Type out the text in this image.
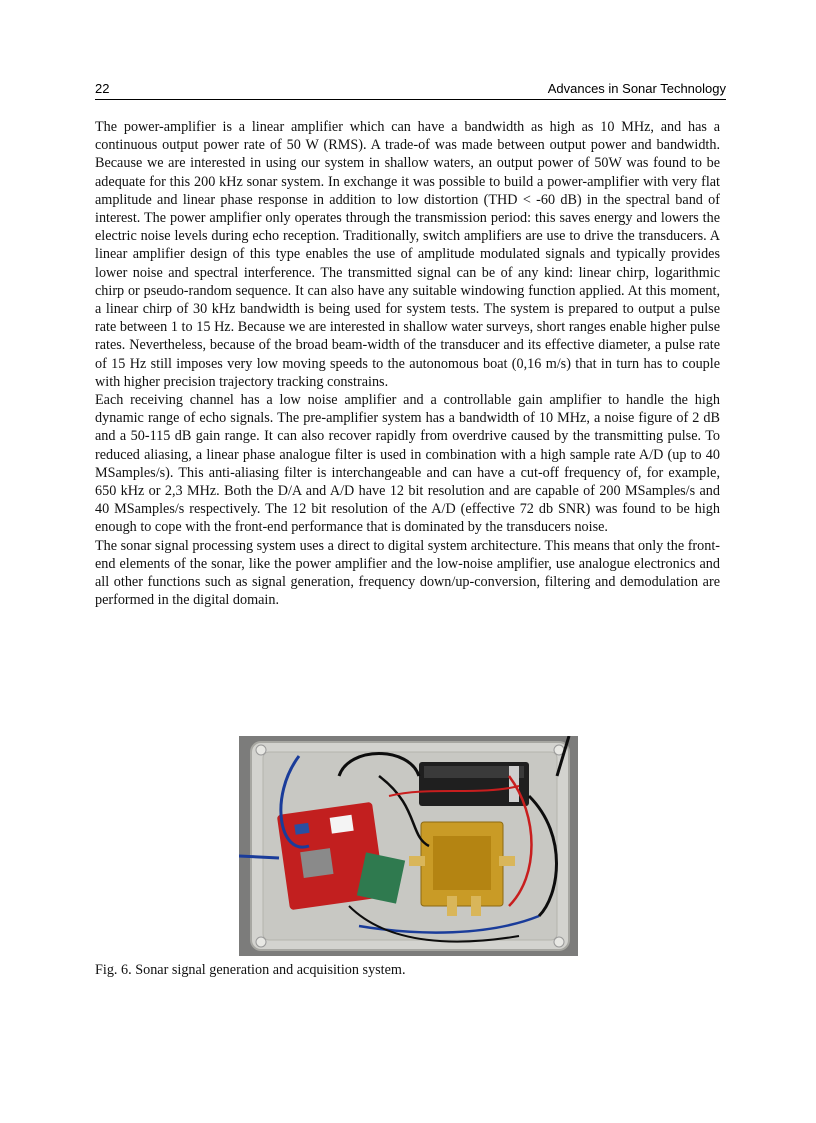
22	Advances in Sonar Technology

The power-amplifier is a linear amplifier which can have a bandwidth as high as 10 MHz, and has a continuous output power rate of 50 W (RMS). A trade-of was made between output power and bandwidth. Because we are interested in using our system in shallow waters, an output power of 50W was found to be adequate for this 200 kHz sonar system. In exchange it was possible to build a power-amplifier with very flat amplitude and linear phase response in addition to low distortion (THD < -60 dB) in the spectral band of interest. The power amplifier only operates through the transmission period: this saves energy and lowers the electric noise levels during echo reception. Traditionally, switch amplifiers are use to drive the transducers. A linear amplifier design of this type enables the use of amplitude modulated signals and typically provides lower noise and spectral interference. The transmitted signal can be of any kind: linear chirp, logarithmic chirp or pseudo-random sequence. It can also have any suitable windowing function applied. At this moment, a linear chirp of 30 kHz bandwidth is being used for system tests. The system is prepared to output a pulse rate between 1 to 15 Hz. Because we are interested in shallow water surveys, short ranges enable higher pulse rates. Nevertheless, because of the broad beam-width of the transducer and its effective diameter, a pulse rate of 15 Hz still imposes very low moving speeds to the autonomous boat (0,16 m/s) that in turn has to couple with higher precision trajectory tracking constrains.

Each receiving channel has a low noise amplifier and a controllable gain amplifier to handle the high dynamic range of echo signals. The pre-amplifier system has a bandwidth of 10 MHz, a noise figure of 2 dB and a 50-115 dB gain range. It can also recover rapidly from overdrive caused by the transmitting pulse. To reduced aliasing, a linear phase analogue filter is used in combination with a high sample rate A/D (up to 40 MSamples/s). This anti-aliasing filter is interchangeable and can have a cut-off frequency of, for example, 650 kHz or 2,3 MHz. Both the D/A and A/D have 12 bit resolution and are capable of 200 MSamples/s and 40 MSamples/s respectively. The 12 bit resolution of the A/D (effective 72 db SNR) was found to be high enough to cope with the front-end performance that is dominated by the transducers noise.

The sonar signal processing system uses a direct to digital system architecture. This means that only the front-end elements of the sonar, like the power amplifier and the low-noise amplifier, use analogue electronics and all other functions such as signal generation, frequency down/up-conversion, filtering and demodulation are performed in the digital domain.

Fig. 6. Sonar signal generation and acquisition system.
